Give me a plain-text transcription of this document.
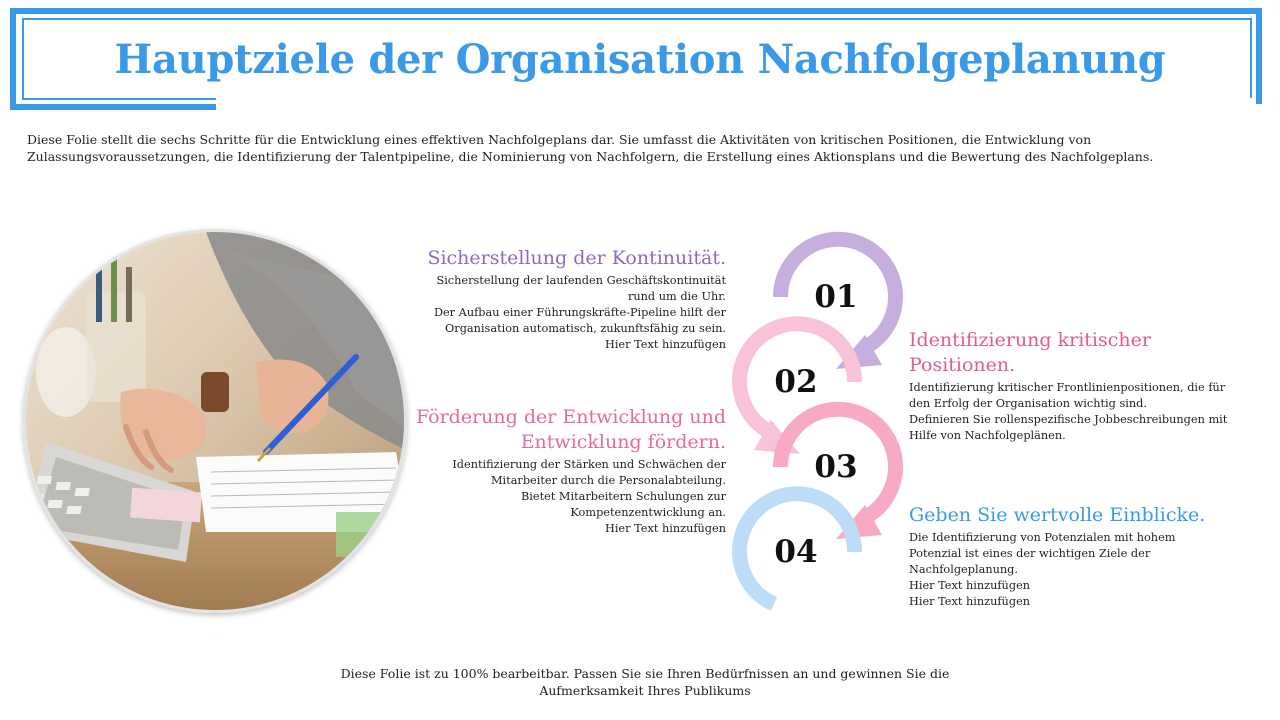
Hauptziele der Organisation Nachfolgeplanung

Diese Folie stellt die sechs Schritte für die Entwicklung eines effektiven Nachfolgeplans dar. Sie umfasst die Aktivitäten von kritischen Positionen, die Entwicklung von Zulassungsvoraussetzungen, die Identifizierung der Talentpipeline, die Nominierung von Nachfolgern, die Erstellung eines Aktionsplans und die Bewertung des Nachfolgeplans.

Sicherstellung der Kontinuität.

Sicherstellung der laufenden Geschäftskontinuität
rund um die Uhr.
Der Aufbau einer Führungskräfte-Pipeline hilft der
Organisation automatisch, zukunftsfähig zu sein.
Hier Text hinzufügen

Förderung der Entwicklung und Entwicklung fördern.

Identifizierung der Stärken und Schwächen der
Mitarbeiter durch die Personalabteilung.
Bietet Mitarbeitern Schulungen zur
Kompetenzentwicklung an.
Hier Text hinzufügen

Identifizierung kritischer Positionen.

Identifizierung kritischer Frontlinienpositionen, die für
den Erfolg der Organisation wichtig sind.
Definieren Sie rollenspezifische Jobbeschreibungen mit
Hilfe von Nachfolgeplänen.

Geben Sie wertvolle Einblicke.

Die Identifizierung von Potenzialen mit hohem
Potenzial ist eines der wichtigen Ziele der
Nachfolgeplanung.
Hier Text hinzufügen
Hier Text hinzufügen

01
02
03
04

Diese Folie ist zu 100% bearbeitbar. Passen Sie sie Ihren Bedürfnissen an und gewinnen Sie die Aufmerksamkeit Ihres Publikums
